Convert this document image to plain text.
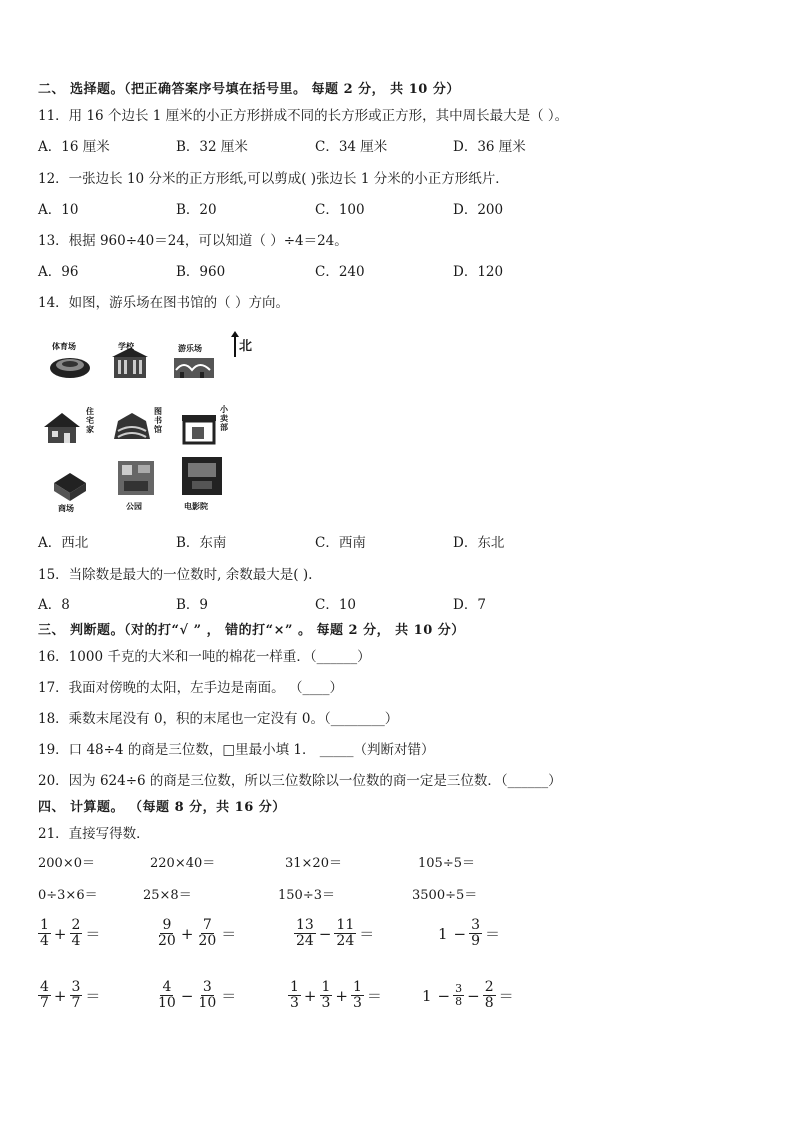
二、 选择题。（把正确答案序号填在括号里。 每题 2 分， 共 10 分）
11．用 16 个边长 1 厘米的小正方形拼成不同的长方形或正方形，其中周长最大是（ ）。
A．16 厘米	B．32 厘米	C．34 厘米	D．36 厘米
12．一张边长 10 分米的正方形纸,可以剪成( )张边长 1 分米的小正方形纸片．
A．10	B．20	C．100	D．200
13．根据 960÷40＝24，可以知道（ ）÷4＝24。
A．96	B．960	C．240	D．120
14．如图，游乐场在图书馆的（ ）方向。
体育场	学校	游乐场	北
住宅家
图书馆
小卖部
商场	公园	电影院
A．西北	B．东南	C．西南	D．东北
15．当除数是最大的一位数时, 余数最大是( ).
A．8	B．9	C．10	D．7
三、 判断题。（对的打“√ ” ， 错的打“×” 。 每题 2 分， 共 10 分）
16．1000 千克的大米和一吨的棉花一样重．（______）
17．我面对傍晚的太阳，左手边是南面。 （____）
18．乘数末尾没有 0，积的末尾也一定没有 0。（________）
19．口 48÷4 的商是三位数，□里最小填 1． _____（判断对错）
20．因为 624÷6 的商是三位数，所以三位数除以一位数的商一定是三位数．（______）
四、 计算题。 （每题 8 分，共 16 分）
21．直接写得数．
200×0＝	220×40＝	31×20＝	105÷5＝
0÷3×6＝	25×8＝	150÷3＝	3500÷5＝
$\frac{1}{4} + \frac{2}{4}$ ＝	$\frac{9}{20} + \frac{7}{20}$ ＝	$\frac{13}{24} - \frac{11}{24}$ ＝	$1 - \frac{3}{9}$ ＝
$\frac{4}{7} + \frac{3}{7}$ ＝	$\frac{4}{10} - \frac{3}{10}$ ＝	$\frac{1}{3} + \frac{1}{3} + \frac{1}{3}$ ＝	$1 - \frac{3}{8} - \frac{2}{8}$ ＝
